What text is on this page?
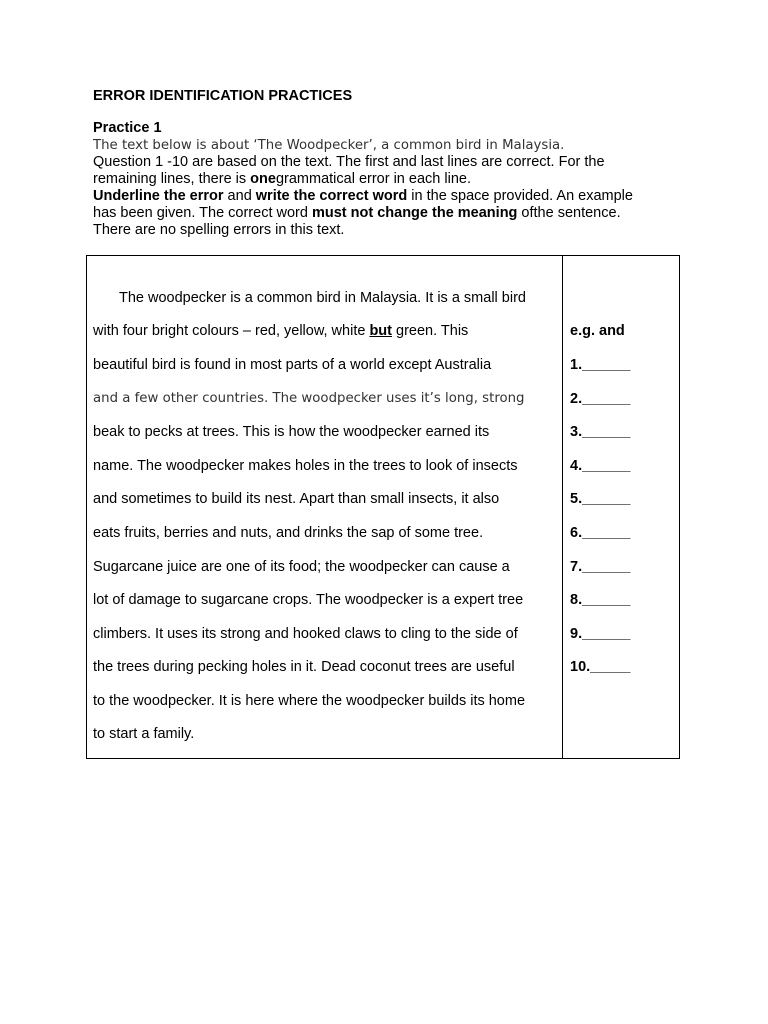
ERROR IDENTIFICATION PRACTICES
Practice 1
The text below is about ‘The Woodpecker’, a common bird in Malaysia.
Question 1 -10 are based on the text. The first and last lines are correct. For the
remaining lines, there is onegrammatical error in each line.
Underline the error and write the correct word in the space provided. An example
has been given. The correct word must not change the meaning ofthe sentence.
There are no spelling errors in this text.
The woodpecker is a common bird in Malaysia. It is a small bird
with four bright colours – red, yellow, white but green. This
beautiful bird is found in most parts of a world except Australia
and a few other countries. The woodpecker uses it’s long, strong
beak to pecks at trees. This is how the woodpecker earned its
name. The woodpecker makes holes in the trees to look of insects
and sometimes to build its nest. Apart than small insects, it also
eats fruits, berries and nuts, and drinks the sap of some tree.
Sugarcane juice are one of its food; the woodpecker can cause a
lot of damage to sugarcane crops. The woodpecker is a expert tree
climbers. It uses its strong and hooked claws to cling to the side of
the trees during pecking holes in it. Dead coconut trees are useful
to the woodpecker. It is here where the woodpecker builds its home
to start a family.
e.g. and
1.______
2.______
3.______
4.______
5.______
6.______
7.______
8.______
9.______
10._____
